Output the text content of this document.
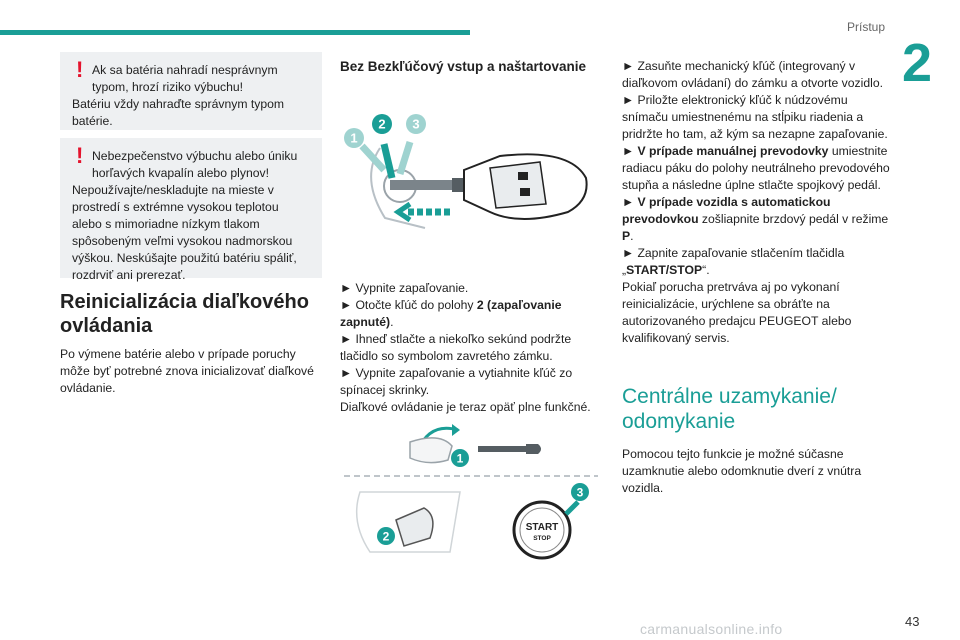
Prístup
2
! Ak sa batéria nahradí nesprávnym typom, hrozí riziko výbuchu!
Batériu vždy nahraďte správnym typom batérie.
! Nebezpečenstvo výbuchu alebo úniku horľavých kvapalín alebo plynov!
Nepoužívajte/neskladujte na mieste v prostredí s extrémne vysokou teplotou alebo s mimoriadne nízkym tlakom spôsobeným veľmi vysokou nadmorskou výškou. Neskúšajte použitú batériu spáliť, rozdrviť ani prerezať.
Reinicializácia diaľkového ovládania

Po výmene batérie alebo v prípade poruchy môže byť potrebné znova inicializovať diaľkové ovládanie.

Bez Bezkľúčový vstup a naštartovanie
1
2 3

► Vypnite zapaľovanie.

► Otočte kľúč do polohy 2 (zapaľovanie zapnuté).

► Ihneď stlačte a niekoľko sekúnd podržte tlačidlo so symbolom zavretého zámku.

► Vypnite zapaľovanie a vytiahnite kľúč zo spínacej skrinky.

Diaľkové ovládanie je teraz opäť plne funkčné.

1
2
START
STOP
3

► Zasuňte mechanický kľúč (integrovaný v diaľkovom ovládaní) do zámku a otvorte vozidlo.

► Priložte elektronický kľúč k núdzovému snímaču umiestnenému na stĺpiku riadenia a pridržte ho tam, až kým sa nezapne zapaľovanie.

► V prípade manuálnej prevodovky umiestnite radiacu páku do polohy neutrálneho prevodového stupňa a následne úplne stlačte spojkový pedál.

► V prípade vozidla s automatickou prevodovkou zošliapnite brzdový pedál v režime P.

► Zapnite zapaľovanie stlačením tlačidla „START/STOP“.

Pokiaľ porucha pretrváva aj po vykonaní reinicializácie, urýchlene sa obráťte na autorizovaného predajcu PEUGEOT alebo kvalifikovaný servis.

Centrálne uzamykanie/ odomykanie

Pomocou tejto funkcie je možné súčasne uzamknutie alebo odomknutie dverí z vnútra vozidla.

carmanualsonline.info	43
